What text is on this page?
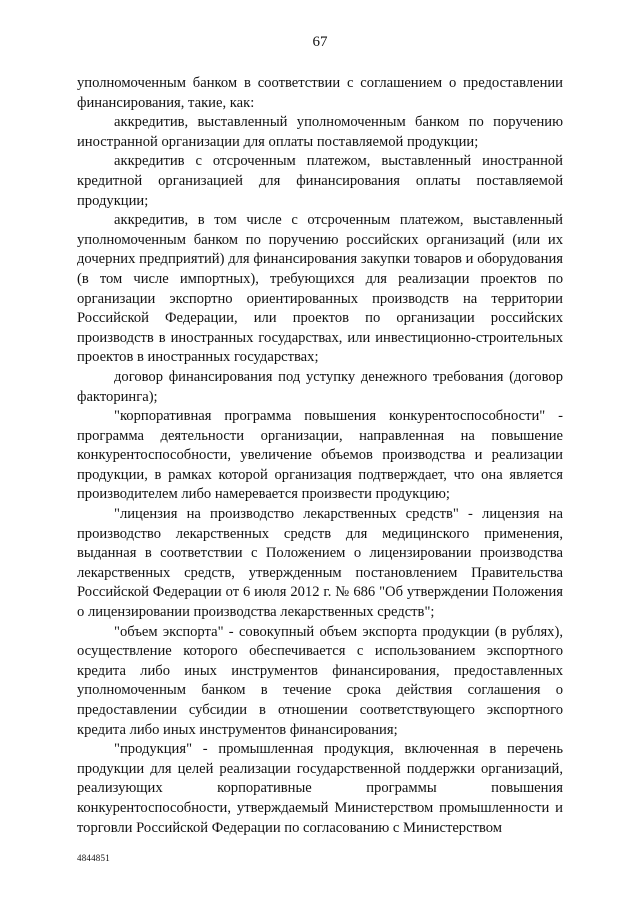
67

уполномоченным банком в соответствии с соглашением о предоставлении финансирования, такие, как:

аккредитив, выставленный уполномоченным банком по поручению иностранной организации для оплаты поставляемой продукции;

аккредитив с отсроченным платежом, выставленный иностранной кредитной организацией для финансирования оплаты поставляемой продукции;

аккредитив, в том числе с отсроченным платежом, выставленный уполномоченным банком по поручению российских организаций (или их дочерних предприятий) для финансирования закупки товаров и оборудования (в том числе импортных), требующихся для реализации проектов по организации экспортно ориентированных производств на территории Российской Федерации, или проектов по организации российских производств в иностранных государствах, или инвестиционно-строительных проектов в иностранных государствах;

договор финансирования под уступку денежного требования (договор факторинга);

"корпоративная программа повышения конкурентоспособности" - программа деятельности организации, направленная на повышение конкурентоспособности, увеличение объемов производства и реализации продукции, в рамках которой организация подтверждает, что она является производителем либо намеревается произвести продукцию;

"лицензия на производство лекарственных средств" - лицензия на производство лекарственных средств для медицинского применения, выданная в соответствии с Положением о лицензировании производства лекарственных средств, утвержденным постановлением Правительства Российской Федерации от 6 июля 2012 г. № 686 "Об утверждении Положения о лицензировании производства лекарственных средств";

"объем экспорта" - совокупный объем экспорта продукции (в рублях), осуществление которого обеспечивается с использованием экспортного кредита либо иных инструментов финансирования, предоставленных уполномоченным банком в течение срока действия соглашения о предоставлении субсидии в отношении соответствующего экспортного кредита либо иных инструментов финансирования;

"продукция" - промышленная продукция, включенная в перечень продукции для целей реализации государственной поддержки организаций, реализующих корпоративные программы повышения конкурентоспособности, утверждаемый Министерством промышленности и торговли Российской Федерации по согласованию с Министерством

4844851
